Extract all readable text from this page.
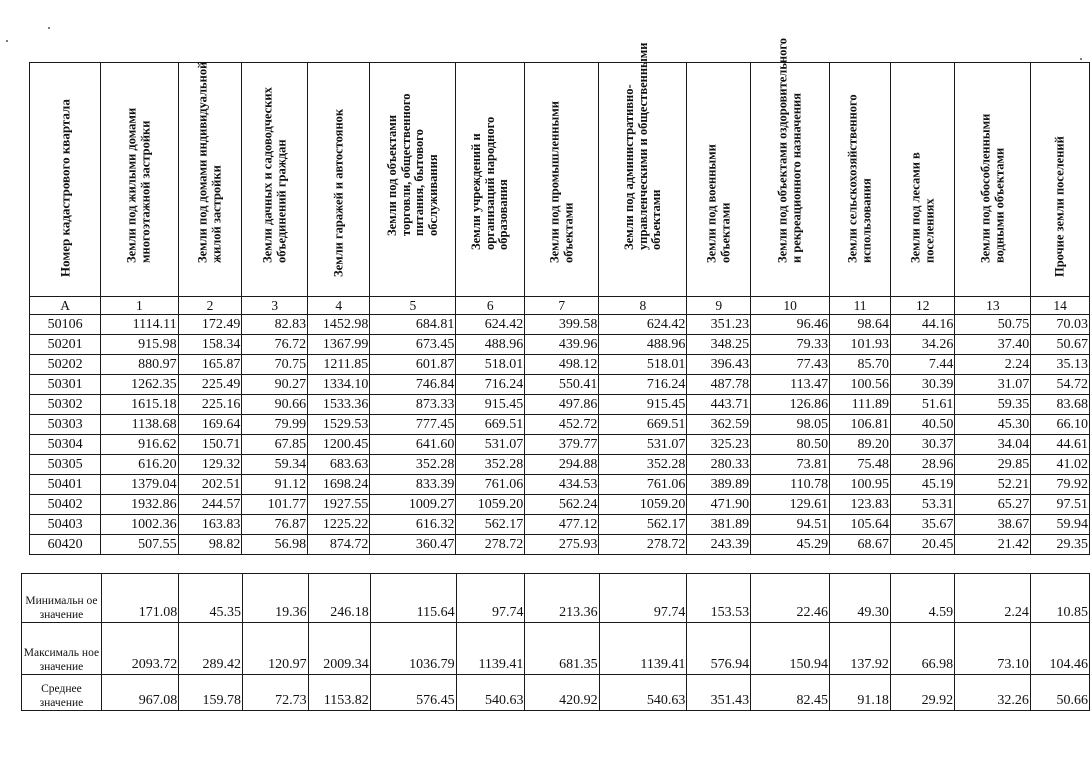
Номер кадастрового квартала	Земли под жилыми домами многоэтажной застройки	Земли под домами индивидуальной жилой застройки	Земли дачных и садоводческих объединений граждан	Земли гаражей и автостоянок	Земли под объектами торговли, общественного питания, бытового обслуживания	Земли учреждений и организаций народного образования	Земли под промышленными объектами	Земли под административно-управленческими и общественными объектами	Земли под военными объектами	Земли под объектами оздоровительного и рекреационного назначения	Земли сельскохозяйственного использования	Земли под лесами в поселениях	Земли под обособленными водными объектами	Прочие земли поселений

А	1	2	3	4	5	6	7	8	9	10	11	12	13	14
50106	1114.11	172.49	82.83	1452.98	684.81	624.42	399.58	624.42	351.23	96.46	98.64	44.16	50.75	70.03
50201	915.98	158.34	76.72	1367.99	673.45	488.96	439.96	488.96	348.25	79.33	101.93	34.26	37.40	50.67
50202	880.97	165.87	70.75	1211.85	601.87	518.01	498.12	518.01	396.43	77.43	85.70	7.44	2.24	35.13
50301	1262.35	225.49	90.27	1334.10	746.84	716.24	550.41	716.24	487.78	113.47	100.56	30.39	31.07	54.72
50302	1615.18	225.16	90.66	1533.36	873.33	915.45	497.86	915.45	443.71	126.86	111.89	51.61	59.35	83.68
50303	1138.68	169.64	79.99	1529.53	777.45	669.51	452.72	669.51	362.59	98.05	106.81	40.50	45.30	66.10
50304	916.62	150.71	67.85	1200.45	641.60	531.07	379.77	531.07	325.23	80.50	89.20	30.37	34.04	44.61
50305	616.20	129.32	59.34	683.63	352.28	352.28	294.88	352.28	280.33	73.81	75.48	28.96	29.85	41.02
50401	1379.04	202.51	91.12	1698.24	833.39	761.06	434.53	761.06	389.89	110.78	100.95	45.19	52.21	79.92
50402	1932.86	244.57	101.77	1927.55	1009.27	1059.20	562.24	1059.20	471.90	129.61	123.83	53.31	65.27	97.51
50403	1002.36	163.83	76.87	1225.22	616.32	562.17	477.12	562.17	381.89	94.51	105.64	35.67	38.67	59.94
60420	507.55	98.82	56.98	874.72	360.47	278.72	275.93	278.72	243.39	45.29	68.67	20.45	21.42	29.35
Минимальн ое значение	171.08	45.35	19.36	246.18	115.64	97.74	213.36	97.74	153.53	22.46	49.30	4.59	2.24	10.85
Максималь ное значение	2093.72	289.42	120.97	2009.34	1036.79	1139.41	681.35	1139.41	576.94	150.94	137.92	66.98	73.10	104.46
Среднее значение	967.08	159.78	72.73	1153.82	576.45	540.63	420.92	540.63	351.43	82.45	91.18	29.92	32.26	50.66
